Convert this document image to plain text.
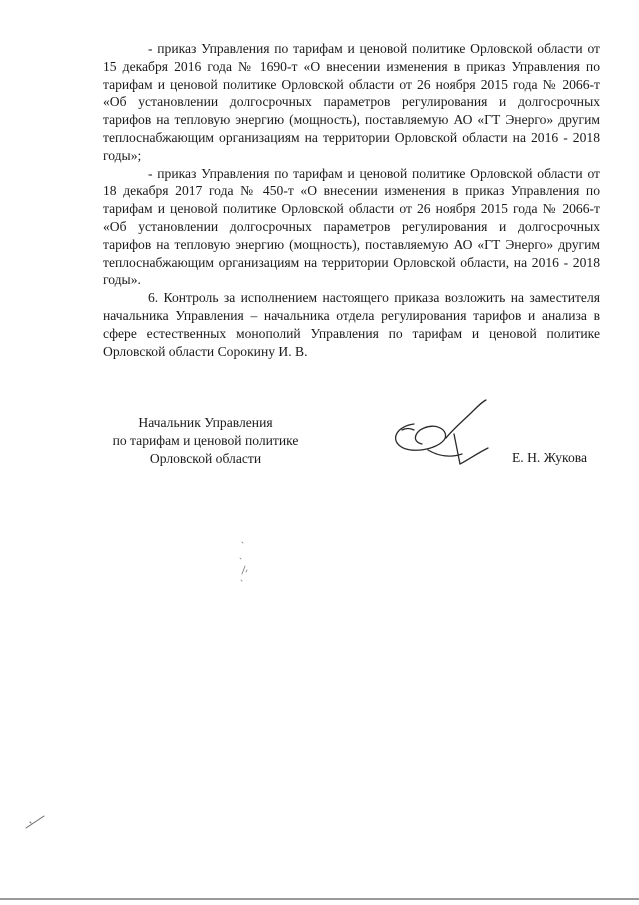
- приказ Управления по тарифам и ценовой политике Орловской области от 15 декабря 2016 года № 1690-т «О внесении изменения в приказ Управления по тарифам и ценовой политике Орловской области от 26 ноября 2015 года № 2066-т «Об установлении долгосрочных параметров регулирования и долгосрочных тарифов на тепловую энергию (мощность), поставляемую АО «ГТ Энерго» другим теплоснабжающим организациям на территории Орловской области на 2016 - 2018 годы»;

- приказ Управления по тарифам и ценовой политике Орловской области от 18 декабря 2017 года № 450-т «О внесении изменения в приказ Управления по тарифам и ценовой политике Орловской области от 26 ноября 2015 года № 2066-т «Об установлении долгосрочных параметров регулирования и долгосрочных тарифов на тепловую энергию (мощность), поставляемую АО «ГТ Энерго» другим теплоснабжающим организациям на территории Орловской области, на 2016 - 2018 годы».

6. Контроль за исполнением настоящего приказа возложить на заместителя начальника Управления – начальника отдела регулирования тарифов и анализа в сфере естественных монополий Управления по тарифам и ценовой политике Орловской области Сорокину И. В.

Начальник Управления
по тарифам и ценовой политике
Орловской области	Е. Н. Жукова
